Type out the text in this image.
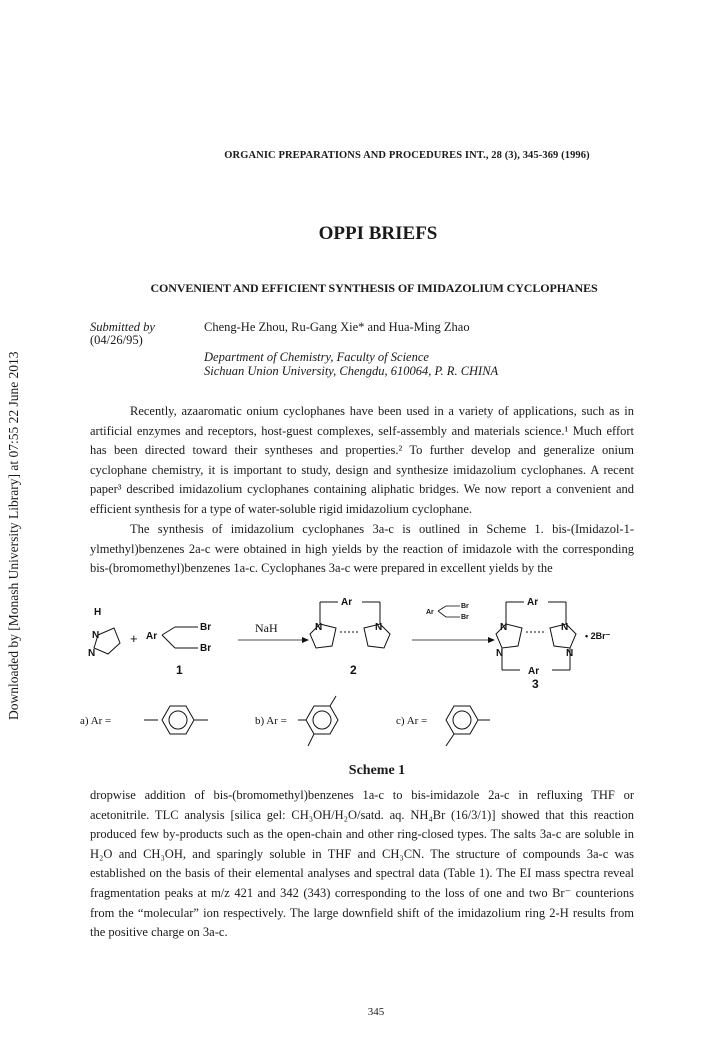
Downloaded by [Monash University Library] at 07:55 22 June 2013
ORGANIC PREPARATIONS AND PROCEDURES INT., 28 (3), 345-369 (1996)
OPPI BRIEFS
CONVENIENT AND EFFICIENT SYNTHESIS OF IMIDAZOLIUM CYCLOPHANES
Submitted by
(04/26/95)
Cheng-He Zhou, Ru-Gang Xie* and Hua-Ming Zhao
Department of Chemistry, Faculty of Science
Sichuan Union University, Chengdu, 610064, P. R. CHINA
Recently, azaaromatic onium cyclophanes have been used in a variety of applications, such as in artificial enzymes and receptors, host-guest complexes, self-assembly and materials science.¹ Much effort has been directed toward their syntheses and properties.² To further develop and generalize onium cyclophane chemistry, it is important to study, design and synthesize imidazolium cyclophanes. A recent paper³ described imidazolium cyclophanes containing aliphatic bridges. We now report a convenient and efficient synthesis for a type of water-soluble rigid imidazolium cyclophane.
The synthesis of imidazolium cyclophanes 3a-c is outlined in Scheme 1. bis-(Imidazol-1-ylmethyl)benzenes 2a-c were obtained in high yields by the reaction of imidazole with the corresponding bis-(bromomethyl)benzenes 1a-c. Cyclophanes 3a-c were prepared in excellent yields by the
H
N
N
+ Ar
Br
Br
1
NaH
Ar
N	N
2
Ar
Br
Br
Ar
Ar
N	N
N	N
• 2Br⁻
3
a) Ar =	b) Ar =	c) Ar =
Scheme 1
dropwise addition of bis-(bromomethyl)benzenes 1a-c to bis-imidazole 2a-c in refluxing THF or acetonitrile. TLC analysis [silica gel: CH₃OH/H₂O/satd. aq. NH₄Br (16/3/1)] showed that this reaction produced few by-products such as the open-chain and other ring-closed types. The salts 3a-c are soluble in H₂O and CH₃OH, and sparingly soluble in THF and CH₃CN. The structure of compounds 3a-c was established on the basis of their elemental analyses and spectral data (Table 1). The EI mass spectra reveal fragmentation peaks at m/z 421 and 342 (343) corresponding to the loss of one and two Br⁻ counterions from the “molecular” ion respectively. The large downfield shift of the imidazolium ring 2-H results from the positive charge on 3a-c.
345
